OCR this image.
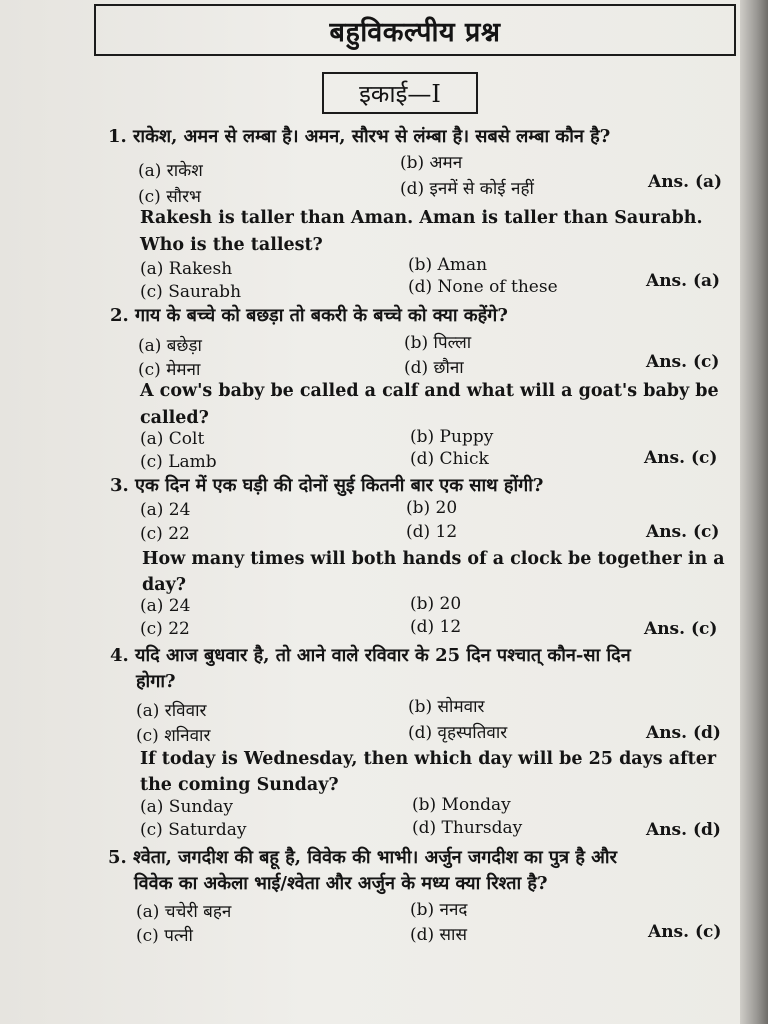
बहुविकल्पीय प्रश्न
इकाई—I
1. राकेश, अमन से लम्बा है। अमन, सौरभ से लंम्बा है। सबसे लम्बा कौन है?
(a) राकेश	(b) अमन
(c) सौरभ	(d) इनमें से कोई नहीं	Ans. (a)
Rakesh is taller than Aman. Aman is taller than Saurabh.
Who is the tallest?
(a) Rakesh	(b) Aman
(c) Saurabh	(d) None of these	Ans. (a)
2. गाय के बच्चे को बछड़ा तो बकरी के बच्चे को क्या कहेंगे?
(a) बछेड़ा	(b) पिल्ला
(c) मेमना	(d) छौना	Ans. (c)
A cow's baby be called a calf and what will a goat's baby be
called?
(a) Colt	(b) Puppy
(c) Lamb	(d) Chick	Ans. (c)
3. एक दिन में एक घड़ी की दोनों सुई कितनी बार एक साथ होंगी?
(a) 24	(b) 20
(c) 22	(d) 12	Ans. (c)
How many times will both hands of a clock be together in a
day?
(a) 24	(b) 20
(c) 22	(d) 12	Ans. (c)
4. यदि आज बुधवार है, तो आने वाले रविवार के 25 दिन पश्चात् कौन-सा दिन
होगा?
(a) रविवार	(b) सोमवार
(c) शनिवार	(d) वृहस्पतिवार	Ans. (d)
If today is Wednesday, then which day will be 25 days after
the coming Sunday?
(a) Sunday	(b) Monday
(c) Saturday	(d) Thursday	Ans. (d)
5. श्वेता, जगदीश की बहू है, विवेक की भाभी। अर्जुन जगदीश का पुत्र है और
विवेक का अकेला भाई/श्वेता और अर्जुन के मध्य क्या रिश्ता है?
(a) चचेरी बहन	(b) ननद
(c) पत्नी	(d) सास	Ans. (c)
